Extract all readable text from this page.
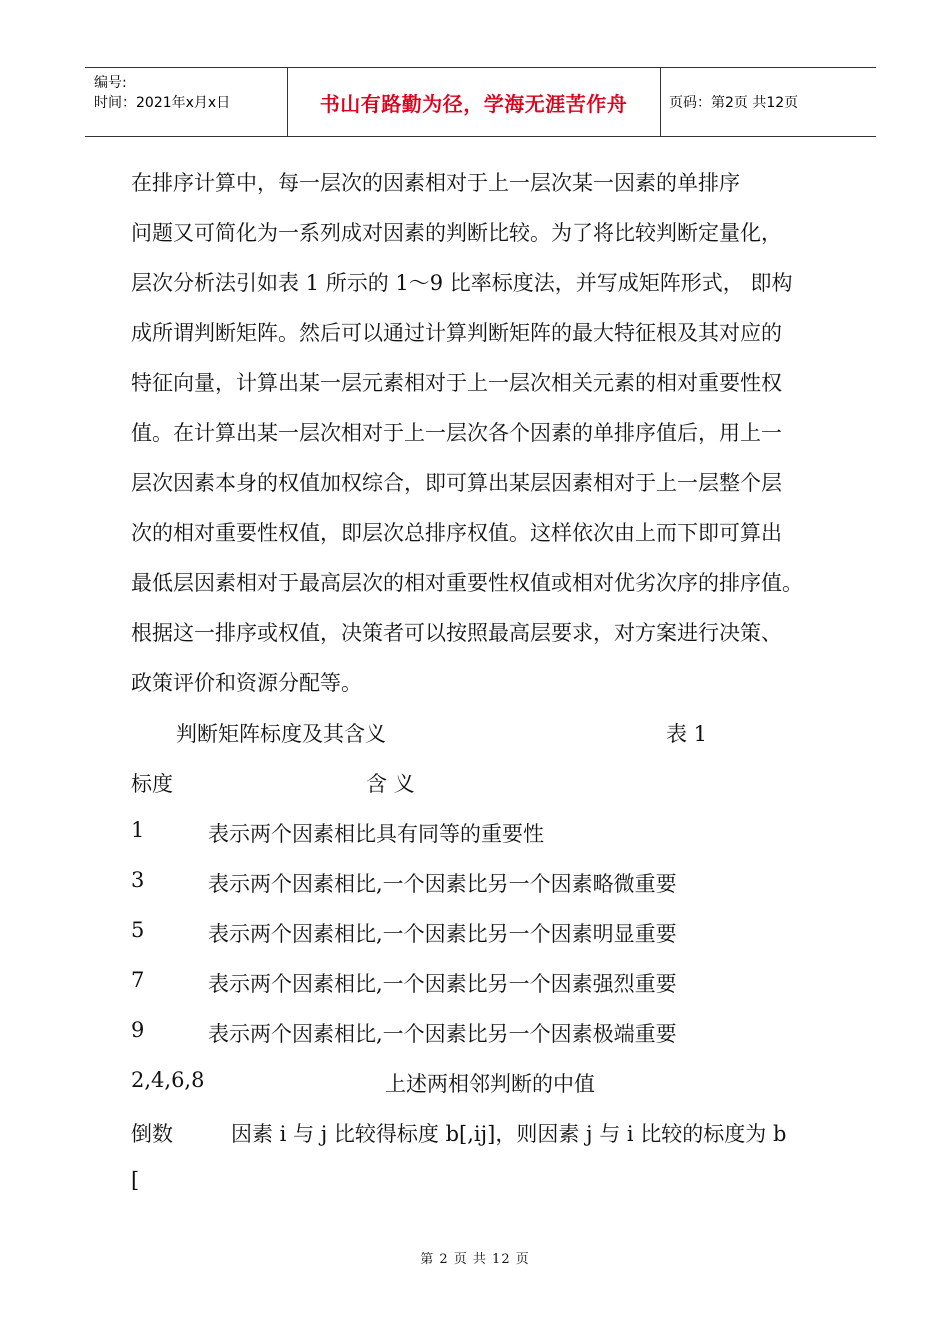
编号:
时间：2021年x月x日	书山有路勤为径，学海无涯苦作舟	页码：第2页 共12页
在排序计算中，每一层次的因素相对于上一层次某一因素的单排序
问题又可简化为一系列成对因素的判断比较。为了将比较判断定量化，
层次分析法引如表 1 所示的 1～9 比率标度法，并写成矩阵形式， 即构
成所谓判断矩阵。然后可以通过计算判断矩阵的最大特征根及其对应的
特征向量，计算出某一层元素相对于上一层次相关元素的相对重要性权
值。在计算出某一层次相对于上一层次各个因素的单排序值后，用上一
层次因素本身的权值加权综合，即可算出某层因素相对于上一层整个层
次的相对重要性权值，即层次总排序权值。这样依次由上而下即可算出
最低层因素相对于最高层次的相对重要性权值或相对优劣次序的排序值。
根据这一排序或权值，决策者可以按照最高层要求，对方案进行决策、
政策评价和资源分配等。
判断矩阵标度及其含义	表 1
标度	含 义
1	表示两个因素相比具有同等的重要性
3	表示两个因素相比,一个因素比另一个因素略微重要
5	表示两个因素相比,一个因素比另一个因素明显重要
7	表示两个因素相比,一个因素比另一个因素强烈重要
9	表示两个因素相比,一个因素比另一个因素极端重要
2,4,6,8	上述两相邻判断的中值
倒数	因素 i 与 j 比较得标度 b[,ij]，则因素 j 与 i 比较的标度为 b
[
第 2 页 共 12 页
